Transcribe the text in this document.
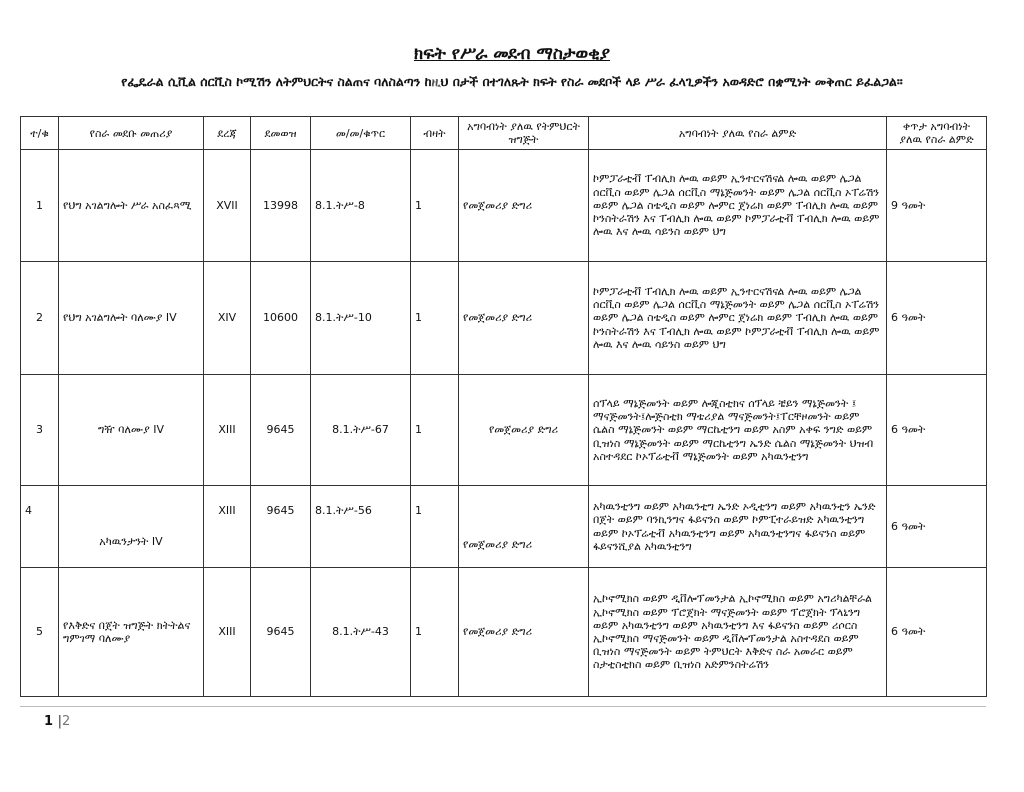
ክፍት የሥራ መደብ ማስታወቂያ
የፌዴራል ሲቪል ሰርቪስ ኮሚሽን ለትምህርትና ስልጠና ባለስልጣን ከዚህ በታች በተገለጹት ክፍት የስራ መደቦች ላይ ሥራ ፈላጊዎችን አወዳድሮ በቋሚነት መቅጠር ይፈልጋል።
ተ/ቁ	የስራ መደቡ መጠሪያ	ደረጃ	ደመወዝ	መ/መ/ቁጥር	ብዛት	አግባብነት ያለዉ የትምህርት ዝግጅት	አግባብነት ያለዉ የስራ ልምድ	ቀጥታ አግባብነት ያለዉ የስራ ልምድ
1	የህግ አገልግሎት ሥራ አስፈጻሚ	XVII	13998	8.1.ትሥ-8	1	የመጀመሪያ ድግሪ	ኮምፓራቲቭ ፐብሊክ ሎዉ ወይም ኢንተርናሽናል ሎዉ ወይም ሌጋል ሰርቪስ ወይም ሌጋል ሰርቪስ ማኔጅመንት ወይም ሌጋል ሰርቪስ ኦፐሬሽን ወይም ሌጋል ስቴዲስ ወይም ሎምር ጀነሬክ ወይም ፐብሊክ ሎዉ ወይም ኮንስትራሽን እና ፐብሊክ ሎዉ ወይም ኮምፓራቲቭ ፐብሊክ ሎዉ ወይም ሎዉ እና ሎዉ ሳይንስ ወይም ህግ	9 ዓመት
2	የህግ አገልግሎት ባለሙያ IV	XIV	10600	8.1.ትሥ-10	1	የመጀመሪያ ድግሪ	ኮምፓራቲቭ ፐብሊክ ሎዉ ወይም ኢንተርናሽናል ሎዉ ወይም ሌጋል ሰርቪስ ወይም ሌጋል ሰርቪስ ማኔጅመንት ወይም ሌጋል ሰርቪስ ኦፐሬሽን ወይም ሌጋል ስቴዲስ ወይም ሎምር ጀነሬክ ወይም ፐብሊክ ሎዉ ወይም ኮንስትራሽን እና ፐብሊክ ሎዉ ወይም ኮምፓራቲቭ ፐብሊክ ሎዉ ወይም ሎዉ እና ሎዉ ሳይንስ ወይም ህግ	6 ዓመት
3	ግዥ ባለሙያ IV	XIII	9645	8.1.ትሥ-67	1	የመጀመሪያ ድግሪ	ሰፕላይ ማኔጅመንት ወይም ሎጂስቲክና ሰፕላይ ቼይን ማኔጅመንት ፤ ማናጅመንት፤ሎጅስቲክ ማቴሪያል ማናጅመንት፤ፐርቸዞመንት ወይም ሴልስ ማኔጅመንት ወይም ማርኬቲንግ ወይም አስም አቀፍ ንግድ ወይም ቢዝነስ ማኔጅመንት ወይም ማርኬቲንግ ኤንድ ሴልስ ማኔጅመንት ህዝብ አስተዳደር ኮኦፕሬቲቭ ማኔጅመንት ወይም አካዉንቲንግ	6 ዓመት
4	አካዉንታንት IV	XIII	9645	8.1.ትሥ-56	1	የመጀመሪያ ድግሪ	አካዉንቲንግ ወይም አካዉንቲግ ኤንድ ኦዲቲንግ ወይም አካዉንቲን ኤንድ በጀት ወይም ባንኪንግና ፋይናንስ ወይም ኮምፒተራይዝድ አካዉንቲንግ ወይም ኮኦፕሬቲቭ አካዉንቲንግ ወይም አካዉንቲንግና ፋይናንስ ወይም ፋይናንሺያል አካዉንቲንግ	6 ዓመት
5	የእቅድና በጀት ዝግጅት ክትትልና ግምገማ ባለሙያ	XIII	9645	8.1.ትሥ-43	1	የመጀመሪያ ድግሪ	ኢኮኖሚክስ ወይም ዲቨሎፕመንታል ኢኮኖሚክስ ወይም አግሪካልቸራል ኢኮኖሚክስ ወይም ፕሮጀክት ማናጅመንት ወይም ፕሮጀክት ፕላኒንግ ወይም አካዉንቲንግ ወይም አካዉንቲንግ እና ፋይናንስ ወይም ሪሶርስ ኢኮኖሚክስ ማናጅመንት ወይም ዲቨሎፕመንታል አስተዳደስ ወይም ቢዝነስ ማናጅመንት ወይም ትምህርት እቅድና ስራ አመራር ወይም ስታቲስቲክስ ወይም ቢዝነስ አድምንስትሬሽን	6 ዓመት
1 |2
